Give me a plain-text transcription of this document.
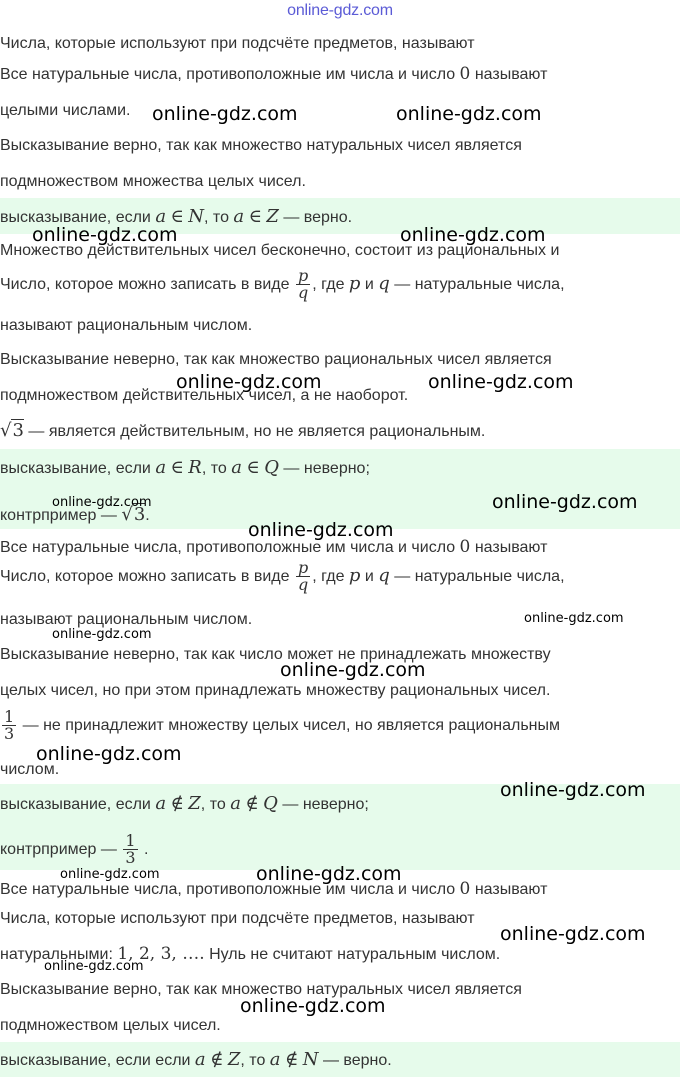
online-gdz.com
Числа, которые используют при подсчёте предметов, называют
Все натуральные числа, противоположные им числа и число 0 называют
целыми числами.
Высказывание верно, так как множество натуральных чисел является
подмножеством множества целых чисел.
высказывание, если a ∈ N, то a ∈ Z — верно.
Множество действительных чисел бесконечно, состоит из рациональных и
Число, которое можно записать в виде $\frac{p}{q}$ , где p и q — натуральные числа,
называют рациональным числом.
Высказывание неверно, так как множество рациональных чисел является
подмножеством действительных чисел, а не наоборот.
√3 — является действительным, но не является рациональным.
высказывание, если a ∈ R, то a ∈ Q — неверно;
контрпример — √3.
Все натуральные числа, противоположные им числа и число 0 называют
Число, которое можно записать в виде $\frac{p}{q}$ , где p и q — натуральные числа,
называют рациональным числом.
Высказывание неверно, так как число может не принадлежать множеству
целых чисел, но при этом принадлежать множеству рациональных чисел.
$\frac{1}{3}$ — не принадлежит множеству целых чисел, но является рациональным
числом.
высказывание, если a ∉ Z, то a ∉ Q — неверно;
контрпример — $\frac{1}{3}$ .
Все натуральные числа, противоположные им числа и число 0 называют
Числа, которые используют при подсчёте предметов, называют
натуральными: 1, 2, 3, …. Нуль не считают натуральным числом.
Высказывание верно, так как множество натуральных чисел является
подмножеством целых чисел.
высказывание, если если a ∉ Z, то a ∉ N — верно.
online-gdz.com	online-gdz.com
online-gdz.com	online-gdz.com
online-gdz.com	online-gdz.com
online-gdz.com	online-gdz.com
online-gdz.com
online-gdz.com
online-gdz.com
online-gdz.com
online-gdz.com
online-gdz.com
online-gdz.com
online-gdz.com
online-gdz.com
online-gdz.com
online-gdz.com
